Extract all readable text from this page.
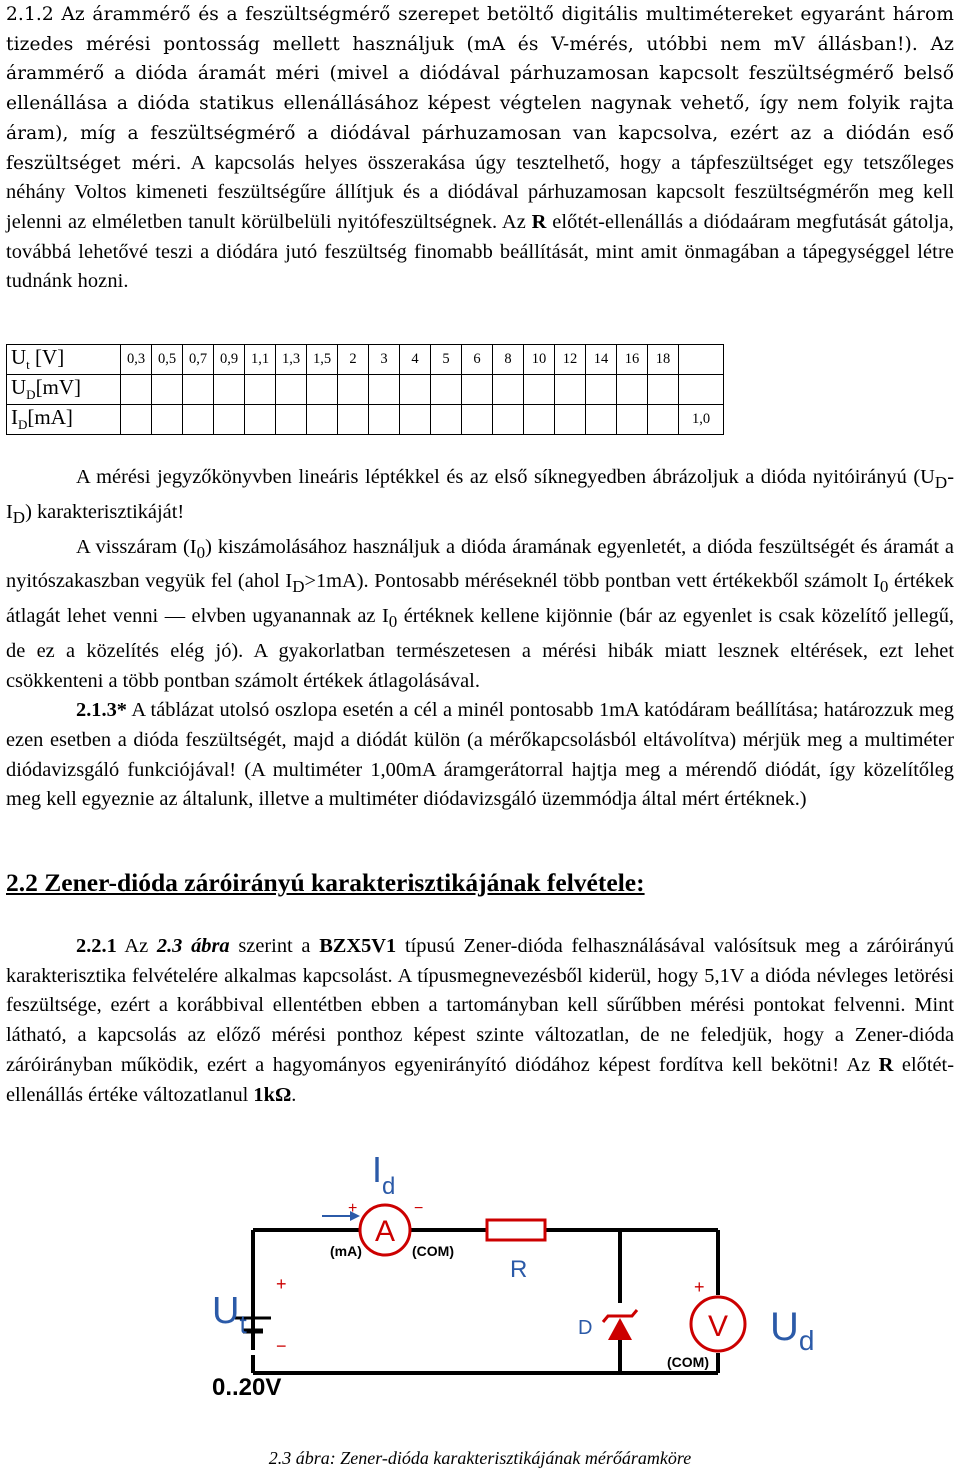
2.1.2 Az árammérő és a feszültségmérő szerepet betöltő digitális multimétereket egyaránt három tizedes mérési pontosság mellett használjuk (mA és V-mérés, utóbbi nem mV állásban!). Az árammérő a dióda áramát méri (mivel a diódával párhuzamosan kapcsolt feszültségmérő belső ellenállása a dióda statikus ellenállásához képest végtelen nagynak vehető, így nem folyik rajta áram), míg a feszültségmérő a diódával párhuzamosan van kapcsolva, ezért az a diódán eső feszültséget méri. A kapcsolás helyes összerakása úgy tesztelhető, hogy a tápfeszültséget egy tetszőleges néhány Voltos kimeneti feszültségűre állítjuk és a diódával párhuzamosan kapcsolt feszültségmérőn meg kell jelenni az elméletben tanult körülbelüli nyitófeszültségnek. Az R előtét-ellenállás a diódaáram megfutását gátolja, továbbá lehetővé teszi a diódára jutó feszültség finomabb beállítását, mint amit önmagában a tápegységgel létre tudnánk hozni.

$U_t$ [V]	0,3	0,5	0,7	0,9	1,1	1,3	1,5	2	3	4	5	6	8	10	12	14	16	18	
$U_D[mV]$																			
$I_D[mA]$																			1,0

A mérési jegyzőkönyvben lineáris léptékkel és az első síknegyedben ábrázoljuk a dióda nyitóirányú $(U_D-I_D)$ karakterisztikáját!

A visszáram $(I_0)$ kiszámolásához használjuk a dióda áramának egyenletét, a dióda feszültségét és áramát a nyitószakaszban vegyük fel (ahol $I_D>1mA$). Pontosabb méréseknél több pontban vett értékekből számolt $I_0$ értékek átlagát lehet venni — elvben ugyanannak az $I_0$ értéknek kellene kijönnie (bár az egyenlet is csak közelítő jellegű, de ez a közelítés elég jó). A gyakorlatban természetesen a mérési hibák miatt lesznek eltérések, ezt lehet csökkenteni a több pontban számolt értékek átlagolásával.

2.1.3* A táblázat utolsó oszlopa esetén a cél a minél pontosabb 1mA katódáram beállítása; határozzuk meg ezen esetben a dióda feszültségét, majd a diódát külön (a mérőkapcsolásból eltávolítva) mérjük meg a multiméter diódavizsgáló funkciójával! (A multiméter 1,00mA áramgerátorral hajtja meg a mérendő diódát, így közelítőleg meg kell egyeznie az általunk, illetve a multiméter diódavizsgáló üzemmódja által mért értéknek.)

2.2 Zener-dióda záróirányú karakterisztikájának felvétele:

2.2.1 Az 2.3 ábra szerint a BZX5V1 típusú Zener-dióda felhasználásával valósítsuk meg a záróirányú karakterisztika felvételére alkalmas kapcsolást. A típusmegnevezésből kiderül, hogy 5,1V a dióda névleges letörési feszültsége, ezért a korábbival ellentétben ebben a tartományban kell sűrűbben mérési pontokat felvenni. Mint látható, a kapcsolás az előző mérési ponthoz képest szinte változatlan, de ne feledjük, hogy a Zener-dióda záróirányban működik, ezért a hagyományos egyenirányító diódához képest fordítva kell bekötni! Az R előtét-ellenállás értéke változatlanul 1kΩ.

A
+	−
(mA)	(COM)
$I_d$
R
$U_t$
+
−
0..20V
D	V
+
(COM)
$U_d$
2.3 ábra: Zener-dióda karakterisztikájának mérőáramköre
